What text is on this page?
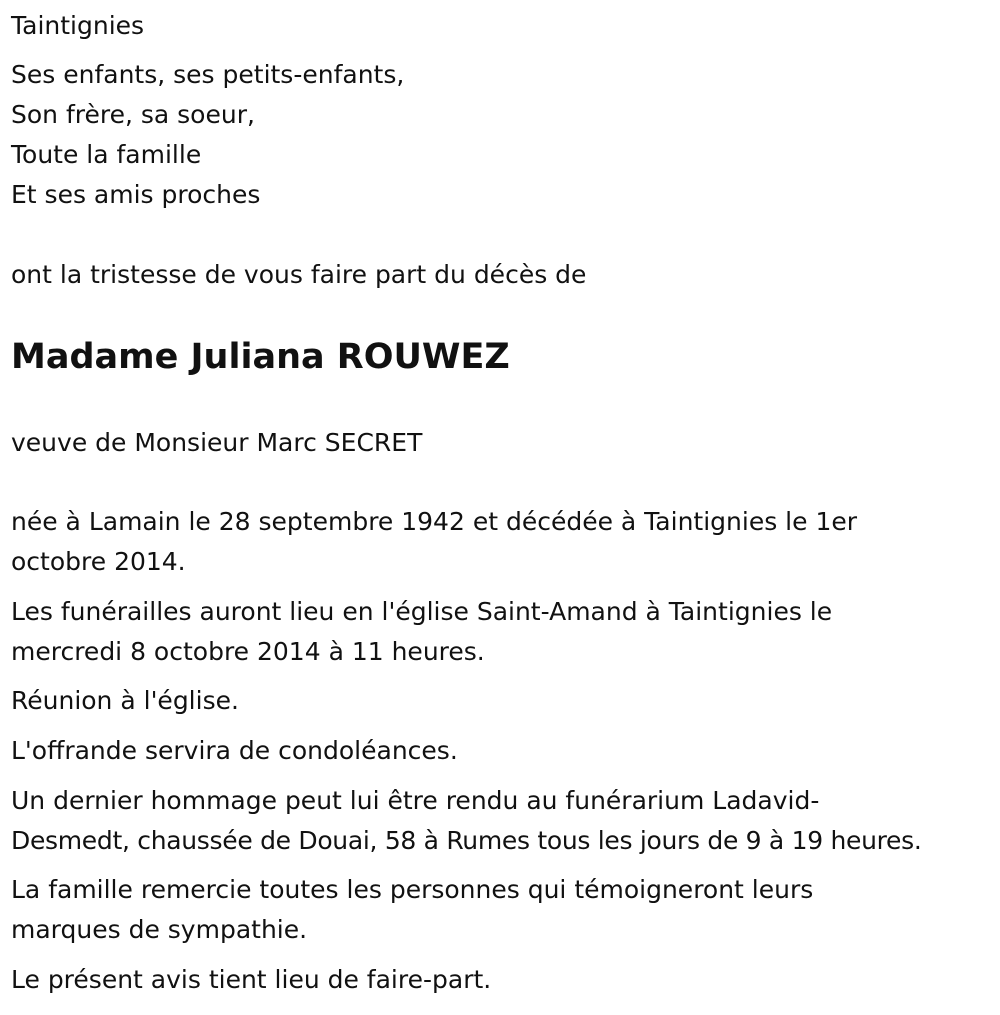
Taintignies

Ses enfants, ses petits-enfants,

Son frère, sa soeur,

Toute la famille

Et ses amis proches

ont la tristesse de vous faire part du décès de

Madame Juliana ROUWEZ

veuve de Monsieur Marc SECRET

née à Lamain le 28 septembre 1942 et décédée à Taintignies le 1er

octobre 2014.

Les funérailles auront lieu en l'église Saint-Amand à Taintignies le

mercredi 8 octobre 2014 à 11 heures.

Réunion à l'église.

L'offrande servira de condoléances.

Un dernier hommage peut lui être rendu au funérarium Ladavid-

Desmedt, chaussée de Douai, 58 à Rumes tous les jours de 9 à 19 heures.

La famille remercie toutes les personnes qui témoigneront leurs

marques de sympathie.

Le présent avis tient lieu de faire-part.
